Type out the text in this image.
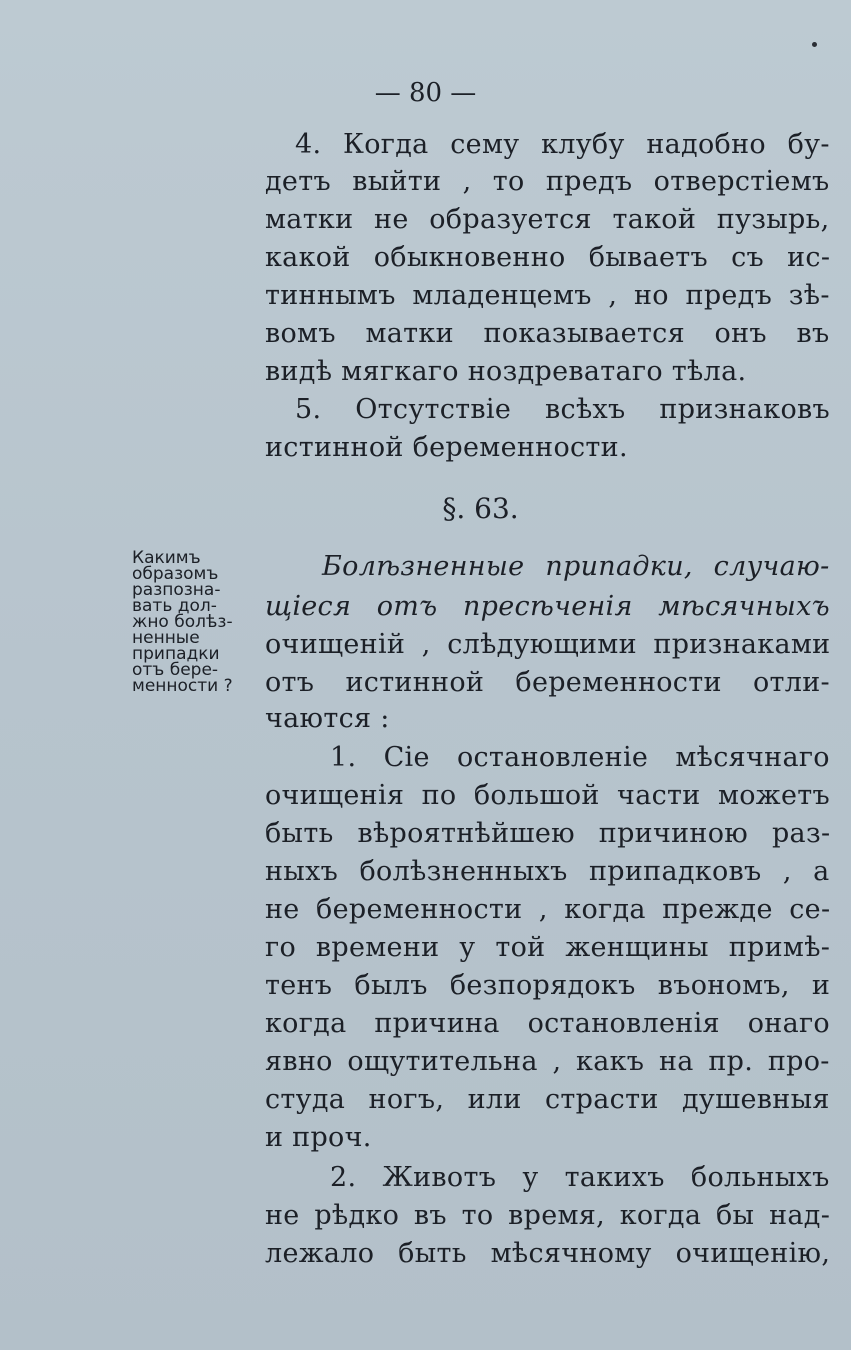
— 80 —
4. Когда сему клубу надобно бу-
детъ выйти , то предъ отверстіемъ
матки не образуется такой пузырь,
какой обыкновенно бываетъ съ ис-
тиннымъ младенцемъ , но предъ зѣ-
вомъ матки показывается онъ въ
видѣ мягкаго ноздреватаго тѣла.
5. Отсутствіе всѣхъ признаковъ
истинной беременности.
§. 63.
Какимъ
образомъ
разпозна-
вать дол-
жно болѣз-
ненные
припадки
отъ бере-
менности ?
Болѣзненные припадки, случаю-
щіеся отъ пресѣченія мѣсячныхъ
очищеній , слѣдующими признаками
отъ истинной беременности отли-
чаются :
1. Сіе остановленіе мѣсячнаго
очищенія по большой части можетъ
быть вѣроятнѣйшею причиною раз-
ныхъ болѣзненныхъ припадковъ , а
не беременности , когда прежде се-
го времени у той женщины примѣ-
тенъ былъ безпорядокъ въономъ, и
когда причина остановленія онаго
явно ощутительна , какъ на пр. про-
студа ногъ, или страсти душевныя
и проч.
2. Животъ у такихъ больныхъ
не рѣдко въ то время, когда бы над-
лежало быть мѣсячному очищенію,
